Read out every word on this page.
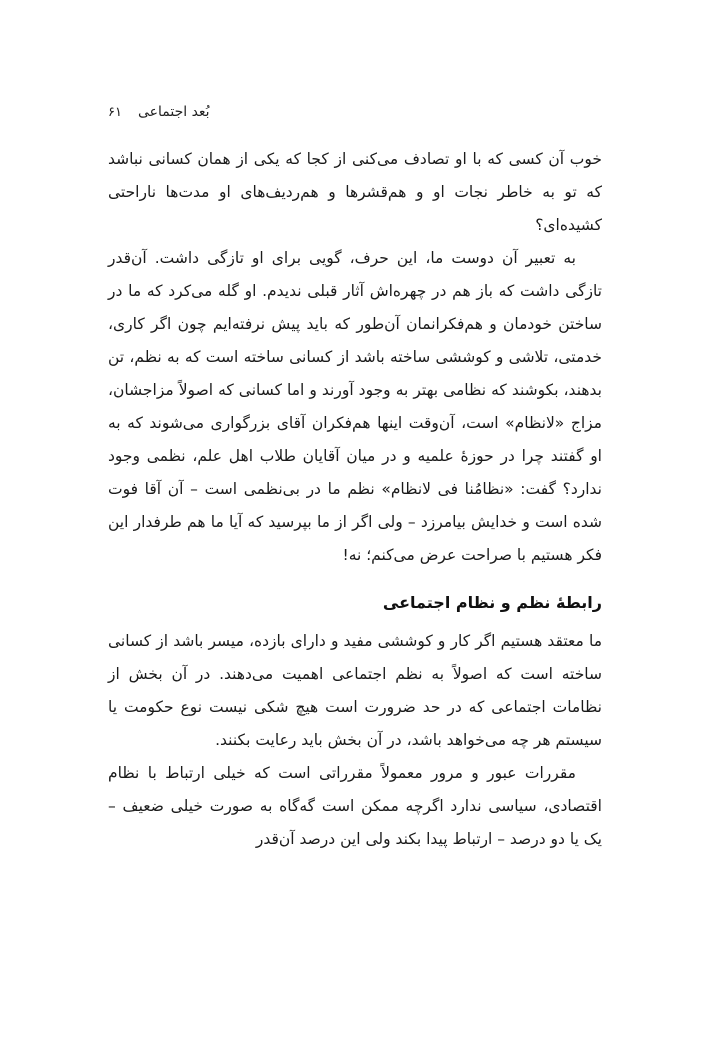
بُعد اجتماعی
۶۱

خوب آن کسی که با او تصادف می‌کنی از کجا که یکی از همان کسانی نباشد که تو به خاطر نجات او و هم‌قشرها و هم‌ردیف‌های او مدت‌ها ناراحتی کشیده‌ای؟

به تعبیر آن دوست ما، این حرف، گویی برای او تازگی داشت. آن‌قدر تازگی داشت که باز هم در چهره‌اش آثار قبلی ندیدم. او گله می‌کرد که ما در ساختن خودمان و هم‌فکرانمان آن‌طور که باید پیش نرفته‌ایم چون اگر کاری، خدمتی، تلاشی و کوششی ساخته باشد از کسانی ساخته است که به نظم، تن بدهند، بکوشند که نظامی بهتر به وجود آورند و اما کسانی که اصولاً مزاجشان، مزاج «لانظام» است، آن‌وقت اینها هم‌فکران آقای بزرگواری می‌شوند که به او گفتند چرا در حوزهٔ علمیه و در میان آقایان طلاب اهل علم، نظمی وجود ندارد؟ گفت: «نظامُنا فی لانظام» نظم ما در بی‌نظمی است – آن آقا فوت شده است و خدایش بیامرزد – ولی اگر از ما بپرسید که آیا ما هم طرفدار این فکر هستیم با صراحت عرض می‌کنم؛ نه!

رابطهٔ نظم و نظام اجتماعی

ما معتقد هستیم اگر کار و کوششی مفید و دارای بازده، میسر باشد از کسانی ساخته است که اصولاً به نظم اجتماعی اهمیت می‌دهند. در آن بخش از نظامات اجتماعی که در حد ضرورت است هیچ شکی نیست نوع حکومت یا سیستم هر چه می‌خواهد باشد، در آن بخش باید رعایت بکنند.

مقررات عبور و مرور معمولاً مقرراتی است که خیلی ارتباط با نظام اقتصادی، سیاسی ندارد اگرچه ممکن است گه‌گاه به صورت خیلی ضعیف – یک یا دو درصد – ارتباط پیدا بکند ولی این درصد آن‌قدر
